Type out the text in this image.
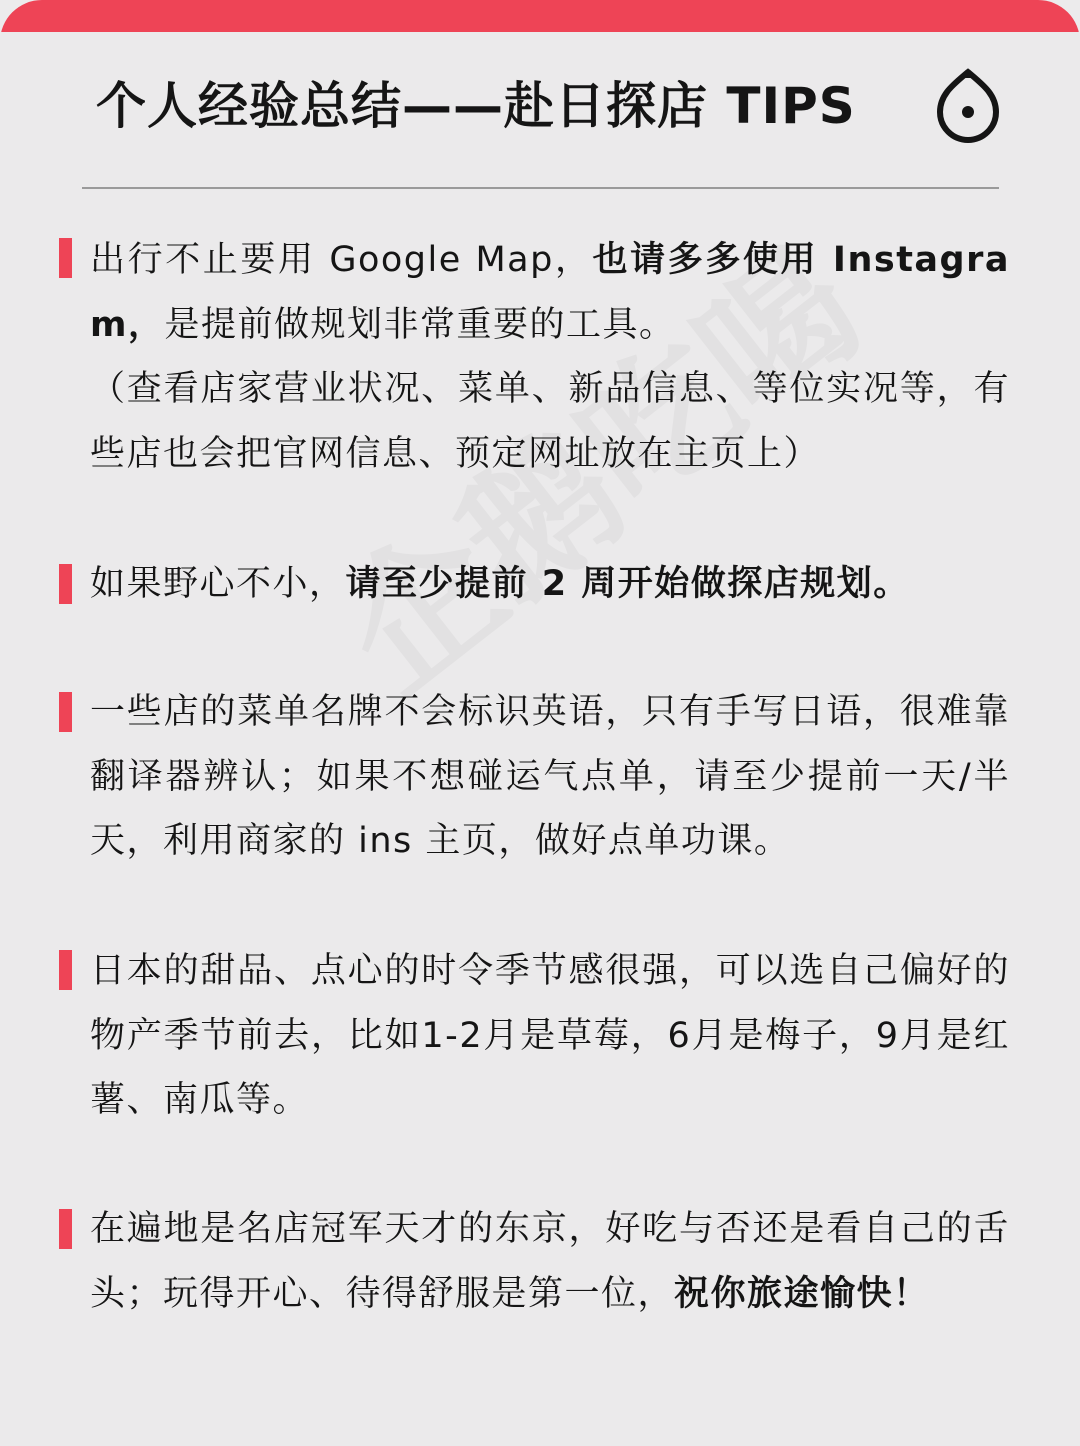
个人经验总结——赴日探店 TIPS
出行不止要用 Google Map，也请多多使用 Instagram，是提前做规划非常重要的工具。
（查看店家营业状况、菜单、新品信息、等位实况等，有些店也会把官网信息、预定网址放在主页上）
如果野心不小，请至少提前 2 周开始做探店规划。
一些店的菜单名牌不会标识英语，只有手写日语，很难靠翻译器辨认；如果不想碰运气点单，请至少提前一天/半天，利用商家的 ins 主页，做好点单功课。
日本的甜品、点心的时令季节感很强，可以选自己偏好的物产季节前去，比如1-2月是草莓，6月是梅子，9月是红薯、南瓜等。
在遍地是名店冠军天才的东京，好吃与否还是看自己的舌头；玩得开心、待得舒服是第一位，祝你旅途愉快！
